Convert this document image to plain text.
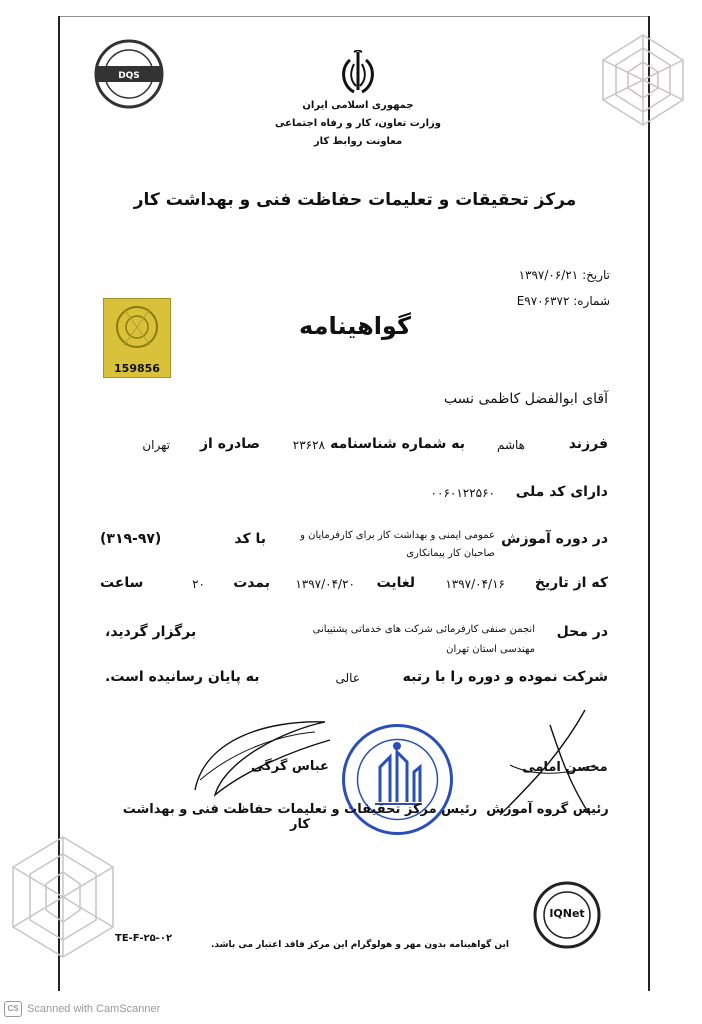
DQS
جمهوری اسلامی ایران
وزارت تعاون، کار و رفاه اجتماعی
معاونت روابط کار
مرکز تحقیقات و تعلیمات حفاظت فنی و بهداشت کار
تاریخ: ۱۳۹۷/۰۶/۲۱
شماره: E۹۷۰۶۳۷۲
159856
گواهینامه
آقای ابوالفضل کاظمی نسب
فرزند
هاشم
به شماره شناسنامه
۲۳۶۲۸
صادره از
تهران
دارای کد ملی
۰۰۶۰۱۲۲۵۶۰
در دوره آموزش
عمومی ایمنی و بهداشت کار برای کارفرمایان و صاحبان کار پیمانکاری
با کد
(۳۱۹-۹۷)
که از تاریخ
۱۳۹۷/۰۴/۱۶
لغایت
۱۳۹۷/۰۴/۲۰
بمدت
۲۰
ساعت
در محل
انجمن صنفی کارفرمائی شرکت های خدماتی پشتیبانی مهندسی استان تهران
برگزار گردید،
شرکت نموده و دوره را با رتبه
عالی
به پایان رسانیده است.
عباس گرگی
رئیس مرکز تحقیقات و تعلیمات حفاظت فنی و بهداشت کار
محسن امامی
رئیس گروه آموزش
IQNet
TE-F-۲۵-۰۲
این گواهینامه بدون مهر و هولوگرام این مرکز فاقد اعتبار می باشد.
CS Scanned with CamScanner
